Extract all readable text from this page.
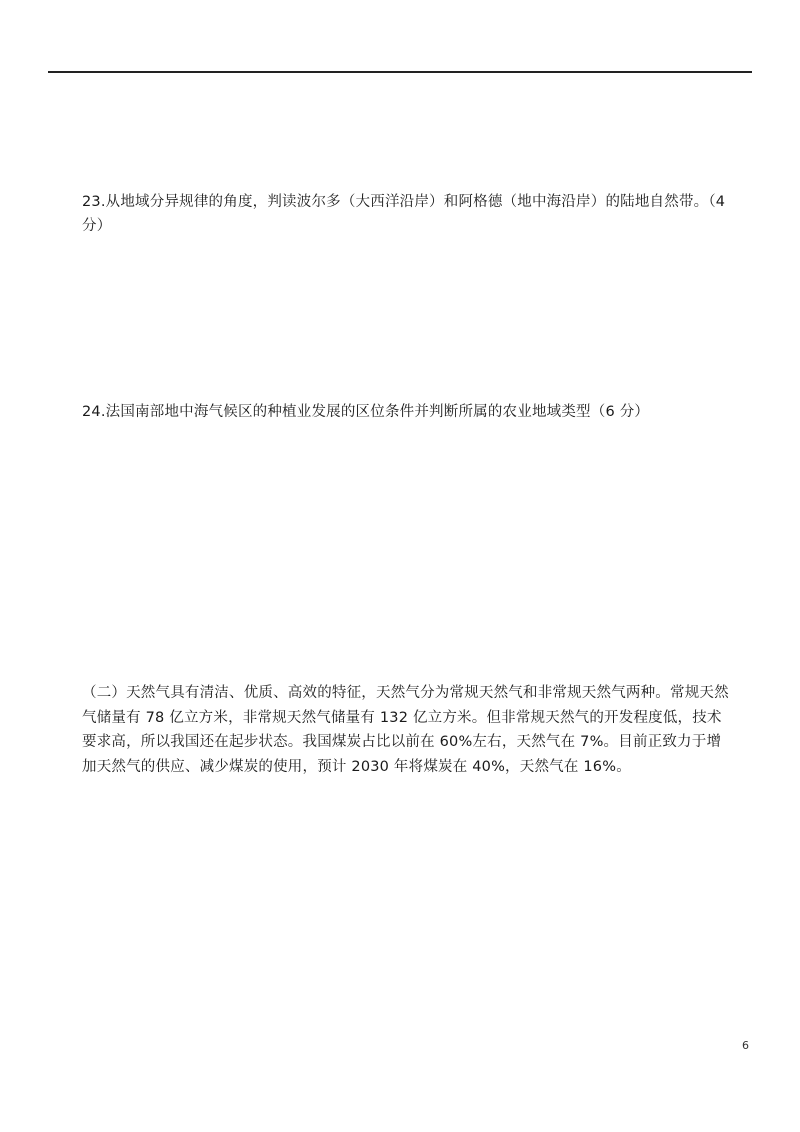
23.从地域分异规律的角度，判读波尔多（大西洋沿岸）和阿格德（地中海沿岸）的陆地自然带。（4 分）
24.法国南部地中海气候区的种植业发展的区位条件并判断所属的农业地域类型（6 分）
（二）天然气具有清洁、优质、高效的特征，天然气分为常规天然气和非常规天然气两种。常规天然气储量有 78 亿立方米，非常规天然气储量有 132 亿立方米。但非常规天然气的开发程度低，技术要求高，所以我国还在起步状态。我国煤炭占比以前在 60%左右，天然气在 7%。目前正致力于增加天然气的供应、减少煤炭的使用，预计 2030 年将煤炭在 40%，天然气在 16%。
6
